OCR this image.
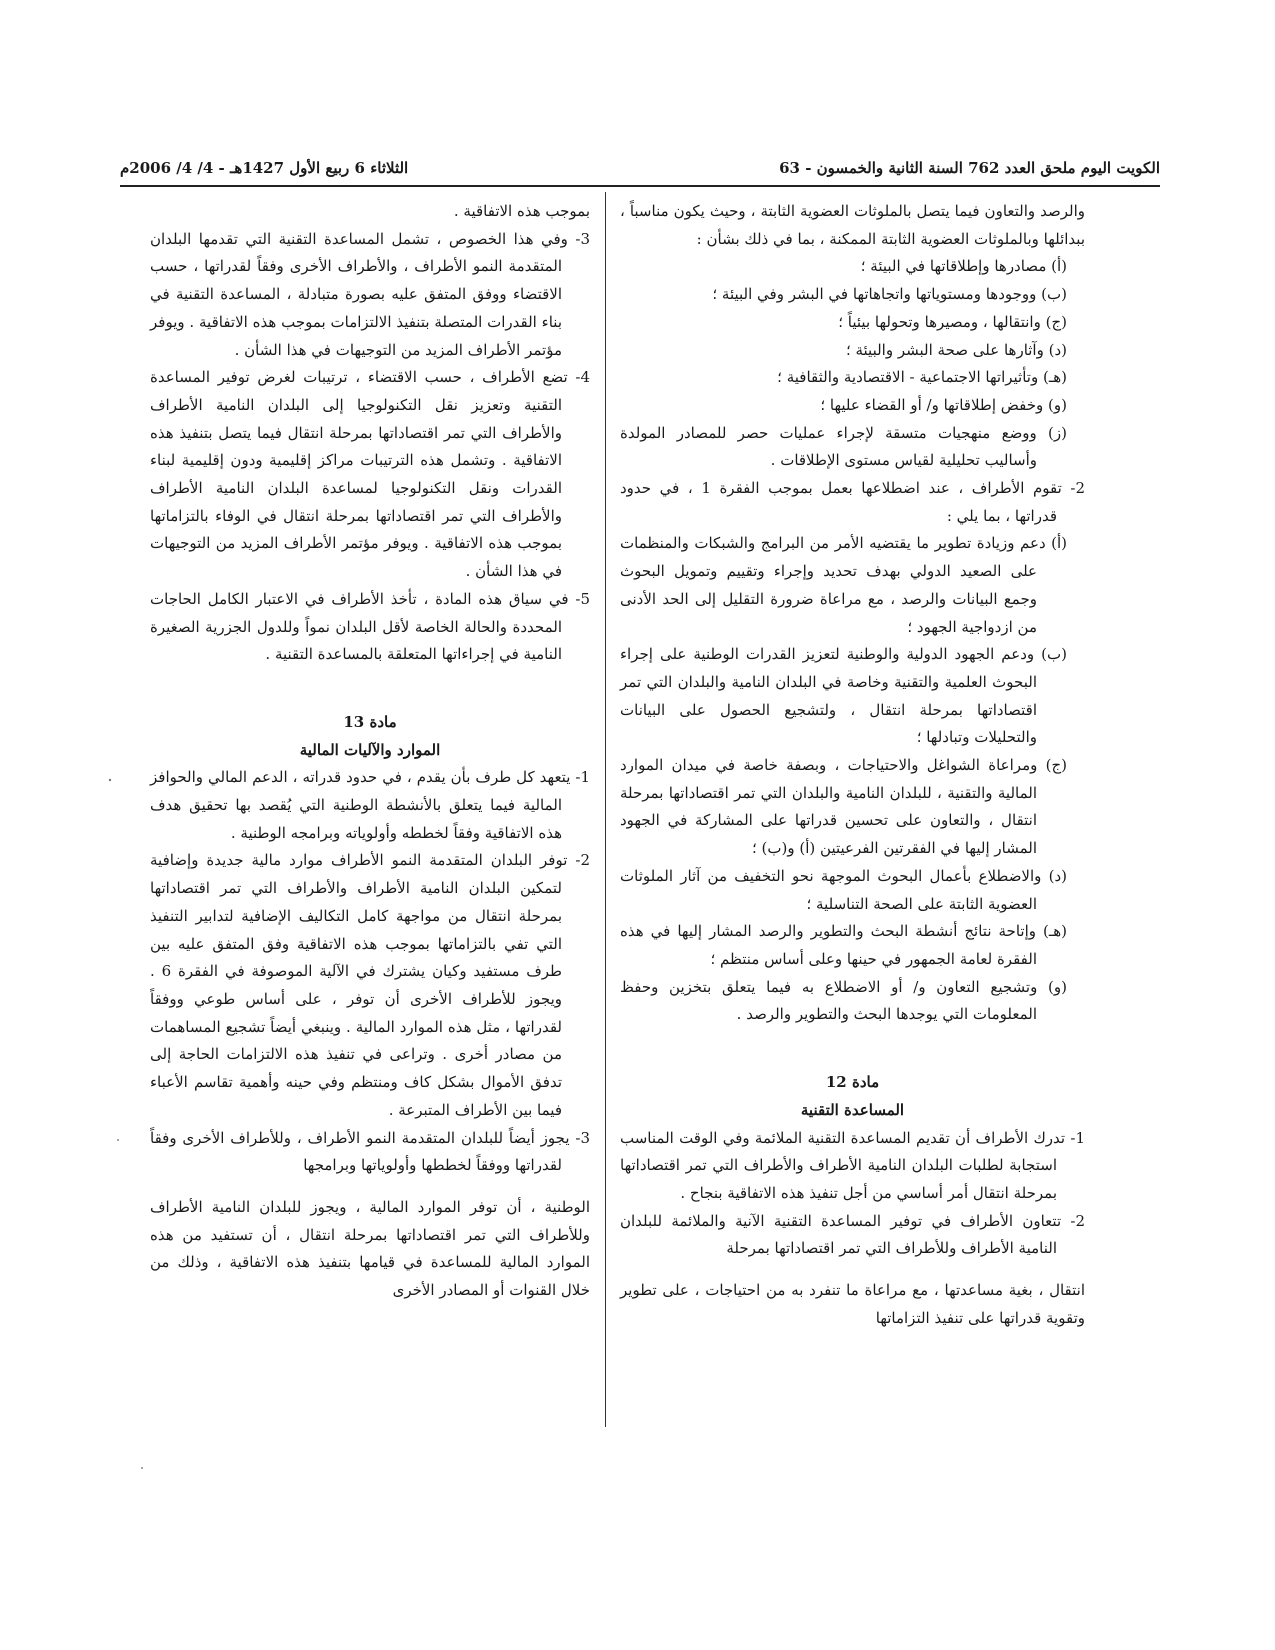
الكويت اليوم ملحق العدد 762 السنة الثانية والخمسون - 63
الثلاثاء 6 ربيع الأول 1427هـ - 4/ 4/ 2006م

والرصد والتعاون فيما يتصل بالملوثات العضوية الثابتة ، وحيث يكون مناسباً ، ببدائلها وبالملوثات العضوية الثابتة الممكنة ، بما في ذلك بشأن :

(أ) مصادرها وإطلاقاتها في البيئة ؛

(ب) ووجودها ومستوياتها واتجاهاتها في البشر وفي البيئة ؛

(ج) وانتقالها ، ومصيرها وتحولها بيئياً ؛

(د) وآثارها على صحة البشر والبيئة ؛

(هـ) وتأثيراتها الاجتماعية - الاقتصادية والثقافية ؛

(و) وخفض إطلاقاتها و/ أو القضاء عليها ؛

(ز) ووضع منهجيات متسقة لإجراء عمليات حصر للمصادر المولدة وأساليب تحليلية لقياس مستوى الإطلاقات .

2- تقوم الأطراف ، عند اضطلاعها بعمل بموجب الفقرة 1 ، في حدود قدراتها ، بما يلي :

(أ) دعم وزيادة تطوير ما يقتضيه الأمر من البرامج والشبكات والمنظمات على الصعيد الدولي بهدف تحديد وإجراء وتقييم وتمويل البحوث وجمع البيانات والرصد ، مع مراعاة ضرورة التقليل إلى الحد الأدنى من ازدواجية الجهود ؛

(ب) ودعم الجهود الدولية والوطنية لتعزيز القدرات الوطنية على إجراء البحوث العلمية والتقنية وخاصة في البلدان النامية والبلدان التي تمر اقتصاداتها بمرحلة انتقال ، ولتشجيع الحصول على البيانات والتحليلات وتبادلها ؛

(ج) ومراعاة الشواغل والاحتياجات ، وبصفة خاصة في ميدان الموارد المالية والتقنية ، للبلدان النامية والبلدان التي تمر اقتصاداتها بمرحلة انتقال ، والتعاون على تحسين قدراتها على المشاركة في الجهود المشار إليها في الفقرتين الفرعيتين (أ) و(ب) ؛

(د) والاضطلاع بأعمال البحوث الموجهة نحو التخفيف من آثار الملوثات العضوية الثابتة على الصحة التناسلية ؛

(هـ) وإتاحة نتائج أنشطة البحث والتطوير والرصد المشار إليها في هذه الفقرة لعامة الجمهور في حينها وعلى أساس منتظم ؛

(و) وتشجيع التعاون و/ أو الاضطلاع به فيما يتعلق بتخزين وحفظ المعلومات التي يوجدها البحث والتطوير والرصد .

مادة 12

المساعدة التقنية

1- تدرك الأطراف أن تقديم المساعدة التقنية الملائمة وفي الوقت المناسب استجابة لطلبات البلدان النامية الأطراف والأطراف التي تمر اقتصاداتها بمرحلة انتقال أمر أساسي من أجل تنفيذ هذه الاتفاقية بنجاح .

2- تتعاون الأطراف في توفير المساعدة التقنية الآنية والملائمة للبلدان النامية الأطراف وللأطراف التي تمر اقتصاداتها بمرحلة

انتقال ، بغية مساعدتها ، مع مراعاة ما تنفرد به من احتياجات ، على تطوير وتقوية قدراتها على تنفيذ التزاماتها

بموجب هذه الاتفاقية .

3- وفي هذا الخصوص ، تشمل المساعدة التقنية التي تقدمها البلدان المتقدمة النمو الأطراف ، والأطراف الأخرى وفقاً لقدراتها ، حسب الاقتضاء ووفق المتفق عليه بصورة متبادلة ، المساعدة التقنية في بناء القدرات المتصلة بتنفيذ الالتزامات بموجب هذه الاتفاقية . ويوفر مؤتمر الأطراف المزيد من التوجيهات في هذا الشأن .

4- تضع الأطراف ، حسب الاقتضاء ، ترتيبات لغرض توفير المساعدة التقنية وتعزيز نقل التكنولوجيا إلى البلدان النامية الأطراف والأطراف التي تمر اقتصاداتها بمرحلة انتقال فيما يتصل بتنفيذ هذه الاتفاقية . وتشمل هذه الترتيبات مراكز إقليمية ودون إقليمية لبناء القدرات ونقل التكنولوجيا لمساعدة البلدان النامية الأطراف والأطراف التي تمر اقتصاداتها بمرحلة انتقال في الوفاء بالتزاماتها بموجب هذه الاتفاقية . ويوفر مؤتمر الأطراف المزيد من التوجيهات في هذا الشأن .

5- في سياق هذه المادة ، تأخذ الأطراف في الاعتبار الكامل الحاجات المحددة والحالة الخاصة لأقل البلدان نمواً وللدول الجزرية الصغيرة النامية في إجراءاتها المتعلقة بالمساعدة التقنية .

مادة 13

الموارد والآليات المالية

1- يتعهد كل طرف بأن يقدم ، في حدود قدراته ، الدعم المالي والحوافز المالية فيما يتعلق بالأنشطة الوطنية التي يُقصد بها تحقيق هدف هذه الاتفاقية وفقاً لخططه وأولوياته وبرامجه الوطنية .

2- توفر البلدان المتقدمة النمو الأطراف موارد مالية جديدة وإضافية لتمكين البلدان النامية الأطراف والأطراف التي تمر اقتصاداتها بمرحلة انتقال من مواجهة كامل التكاليف الإضافية لتدابير التنفيذ التي تفي بالتزاماتها بموجب هذه الاتفاقية وفق المتفق عليه بين طرف مستفيد وكيان يشترك في الآلية الموصوفة في الفقرة 6 . ويجوز للأطراف الأخرى أن توفر ، على أساس طوعي ووفقاً لقدراتها ، مثل هذه الموارد المالية . وينبغي أيضاً تشجيع المساهمات من مصادر أخرى . وتراعى في تنفيذ هذه الالتزامات الحاجة إلى تدفق الأموال بشكل كاف ومنتظم وفي حينه وأهمية تقاسم الأعباء فيما بين الأطراف المتبرعة .

3- يجوز أيضاً للبلدان المتقدمة النمو الأطراف ، وللأطراف الأخرى وفقاً لقدراتها ووفقاً لخططها وأولوياتها وبرامجها

الوطنية ، أن توفر الموارد المالية ، ويجوز للبلدان النامية الأطراف وللأطراف التي تمر اقتصاداتها بمرحلة انتقال ، أن تستفيد من هذه الموارد المالية للمساعدة في قيامها بتنفيذ هذه الاتفاقية ، وذلك من خلال القنوات أو المصادر الأخرى
